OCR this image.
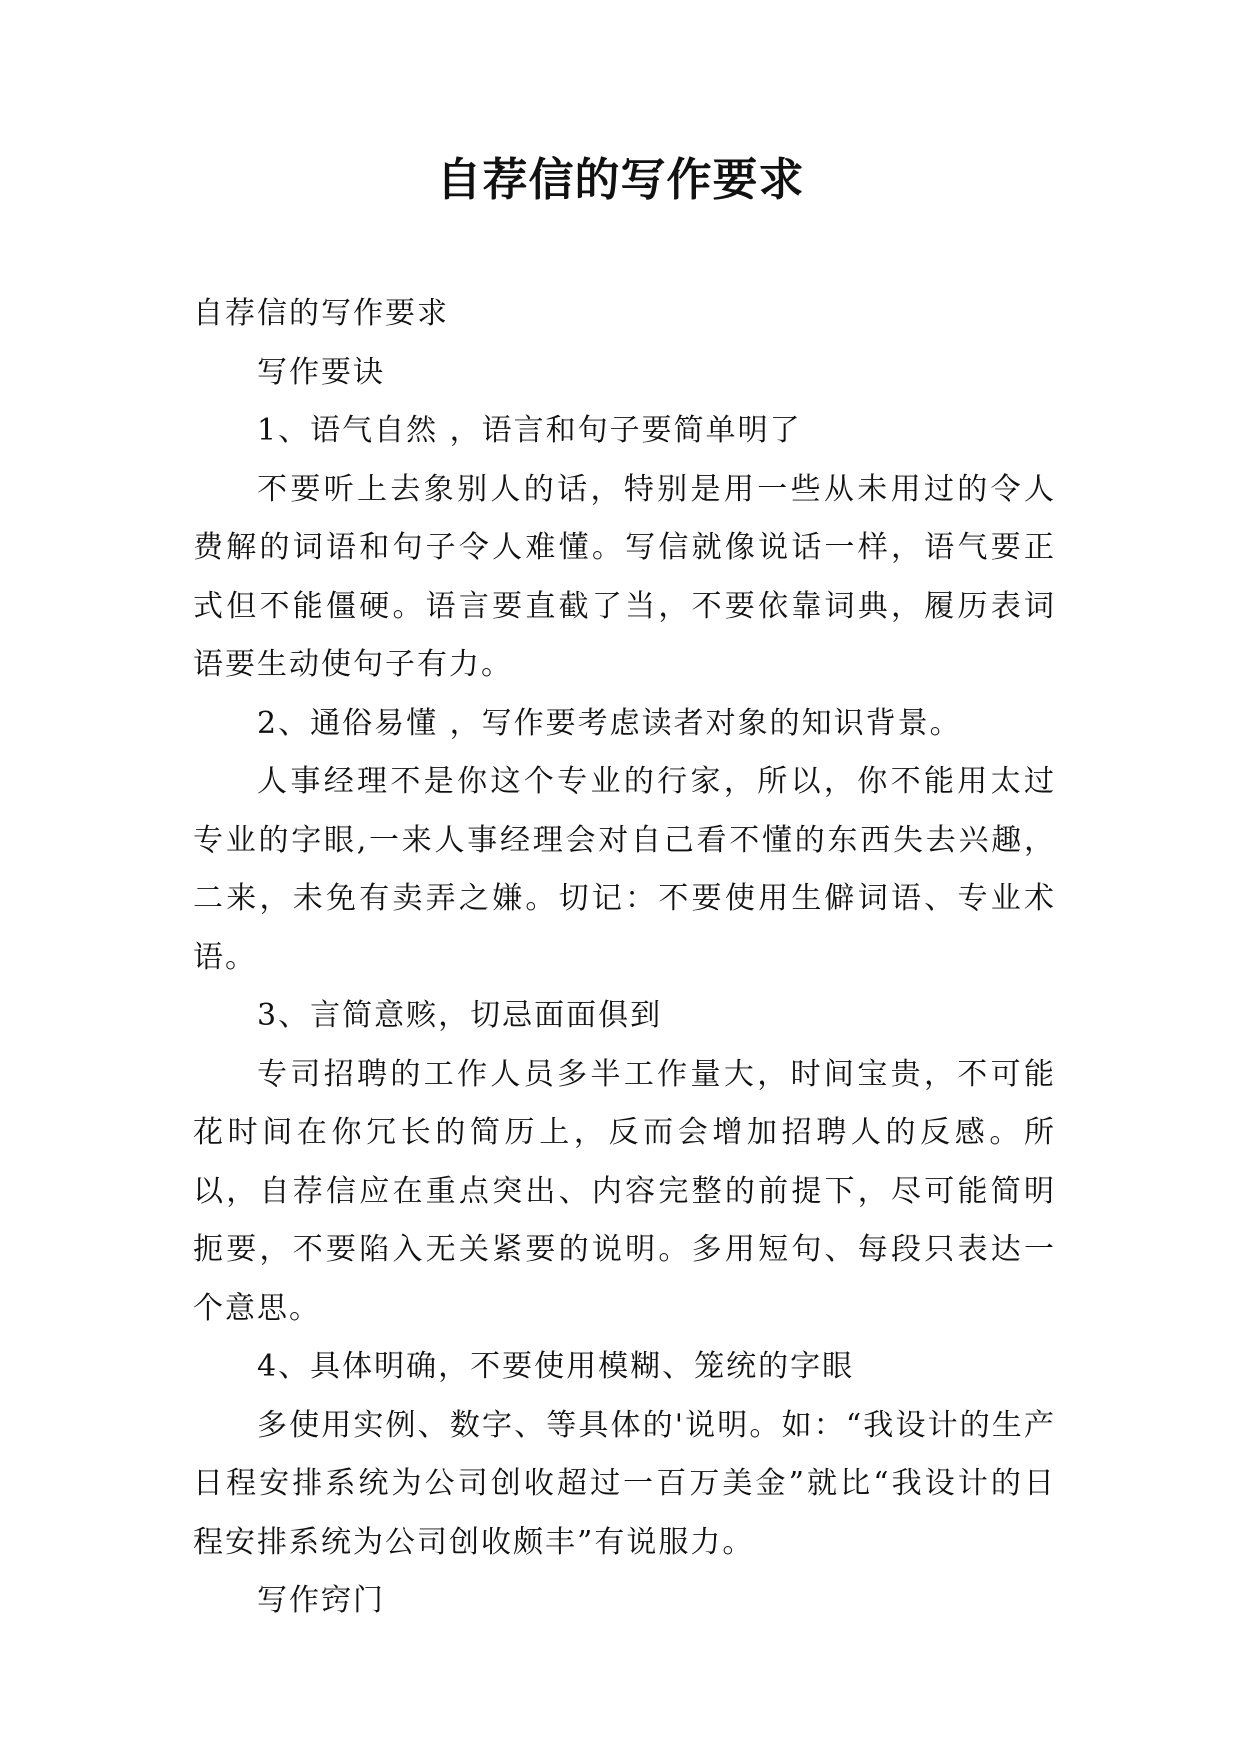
自荐信的写作要求

自荐信的写作要求

写作要诀

1、语气自然 ，语言和句子要简单明了

不要听上去象别人的话，特别是用一些从未用过的令人费解的词语和句子令人难懂。写信就像说话一样，语气要正式但不能僵硬。语言要直截了当，不要依靠词典，履历表词语要生动使句子有力。

2、通俗易懂 ，写作要考虑读者对象的知识背景。

人事经理不是你这个专业的行家，所以，你不能用太过专业的字眼,一来人事经理会对自己看不懂的东西失去兴趣，二来，未免有卖弄之嫌。切记：不要使用生僻词语、专业术语。

3、言简意赅，切忌面面俱到

专司招聘的工作人员多半工作量大，时间宝贵，不可能花时间在你冗长的简历上，反而会增加招聘人的反感。所以，自荐信应在重点突出、内容完整的前提下，尽可能简明扼要，不要陷入无关紧要的说明。多用短句、每段只表达一个意思。

4、具体明确，不要使用模糊、笼统的字眼

多使用实例、数字、等具体的'说明。如：“我设计的生产日程安排系统为公司创收超过一百万美金”就比“我设计的日程安排系统为公司创收颇丰”有说服力。

写作窍门
